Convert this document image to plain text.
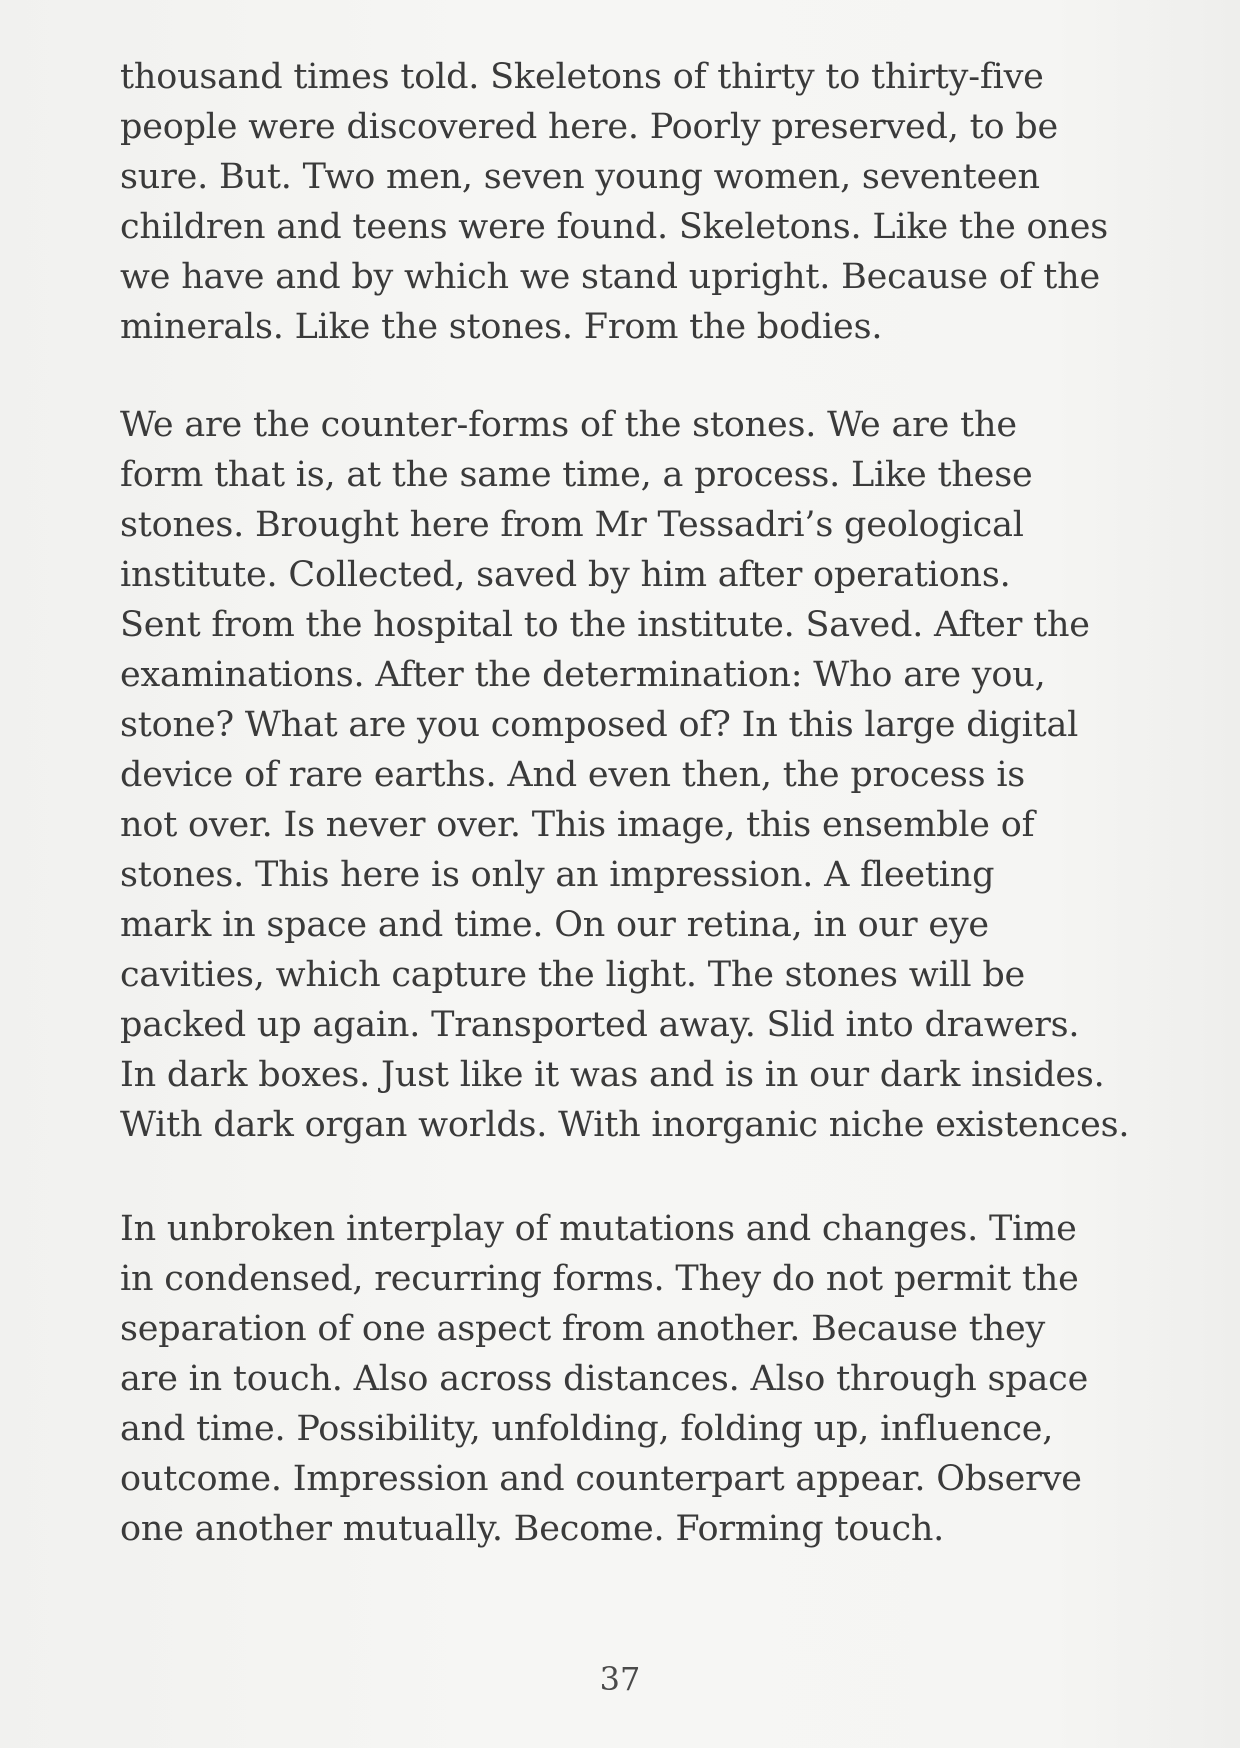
thousand times told. Skeletons of thirty to thirty-five
people were discovered here. Poorly preserved, to be
sure. But. Two men, seven young women, seventeen
children and teens were found. Skeletons. Like the ones
we have and by which we stand upright. Because of the
minerals. Like the stones. From the bodies.

We are the counter-forms of the stones. We are the
form that is, at the same time, a process. Like these
stones. Brought here from Mr Tessadri’s geological
institute. Collected, saved by him after operations.
Sent from the hospital to the institute. Saved. After the
examinations. After the determination: Who are you,
stone? What are you composed of? In this large digital
device of rare earths. And even then, the process is
not over. Is never over. This image, this ensemble of
stones. This here is only an impression. A fleeting
mark in space and time. On our retina, in our eye
cavities, which capture the light. The stones will be
packed up again. Transported away. Slid into drawers.
In dark boxes. Just like it was and is in our dark insides.
With dark organ worlds. With inorganic niche existences.

In unbroken interplay of mutations and changes. Time
in condensed, recurring forms. They do not permit the
separation of one aspect from another. Because they
are in touch. Also across distances. Also through space
and time. Possibility, unfolding, folding up, influence,
outcome. Impression and counterpart appear. Observe
one another mutually. Become. Forming touch.

37
